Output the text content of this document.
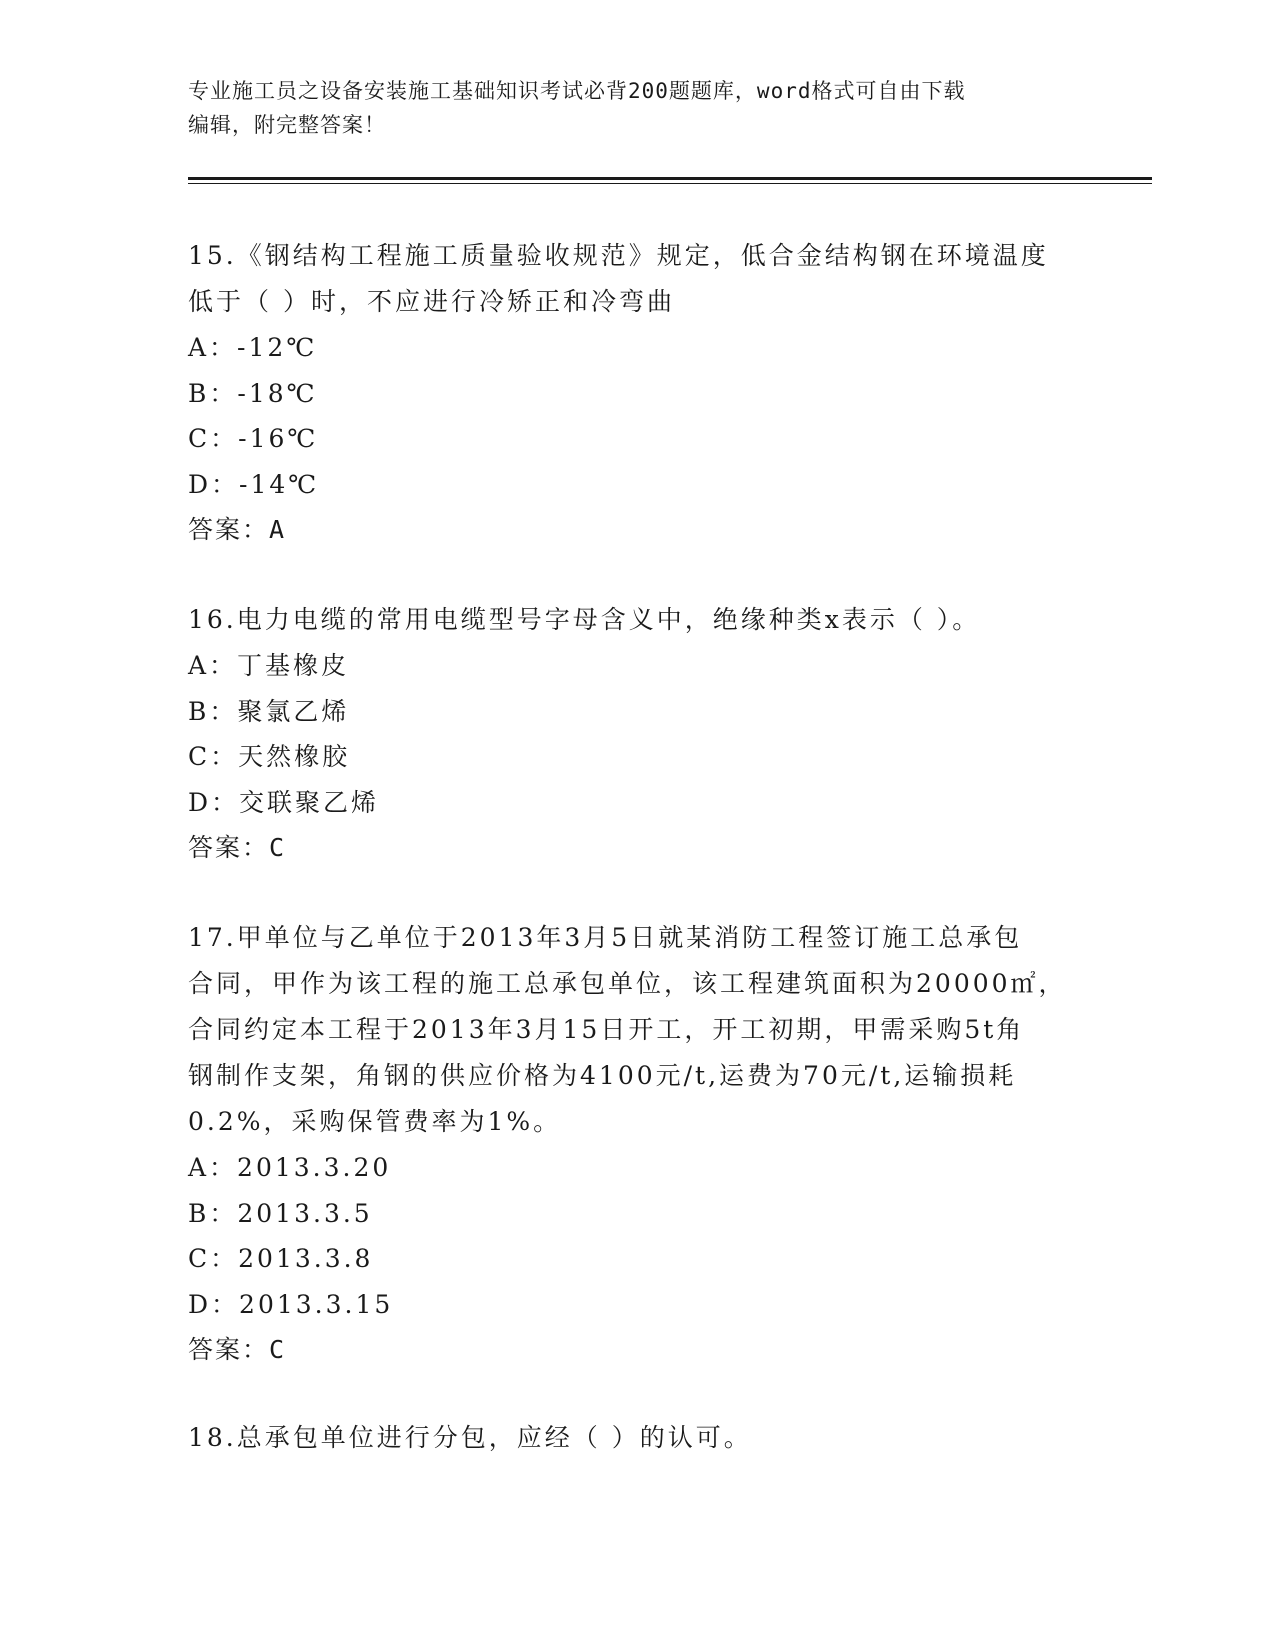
专业施工员之设备安装施工基础知识考试必背200题题库，word格式可自由下载
编辑，附完整答案！
15.《钢结构工程施工质量验收规范》规定，低合金结构钢在环境温度
低于（ ）时，不应进行冷矫正和冷弯曲
A：-12℃
B：-18℃
C：-16℃
D：-14℃
答案：A
16.电力电缆的常用电缆型号字母含义中，绝缘种类x表示（ ）。
A：丁基橡皮
B：聚氯乙烯
C：天然橡胶
D：交联聚乙烯
答案：C
17.甲单位与乙单位于2013年3月5日就某消防工程签订施工总承包
合同，甲作为该工程的施工总承包单位，该工程建筑面积为20000㎡，
合同约定本工程于2013年3月15日开工，开工初期，甲需采购5t角
钢制作支架，角钢的供应价格为4100元/t,运费为70元/t,运输损耗
0.2%，采购保管费率为1%。
A：2013.3.20
B：2013.3.5
C：2013.3.8
D：2013.3.15
答案：C
18.总承包单位进行分包，应经（ ）的认可。
